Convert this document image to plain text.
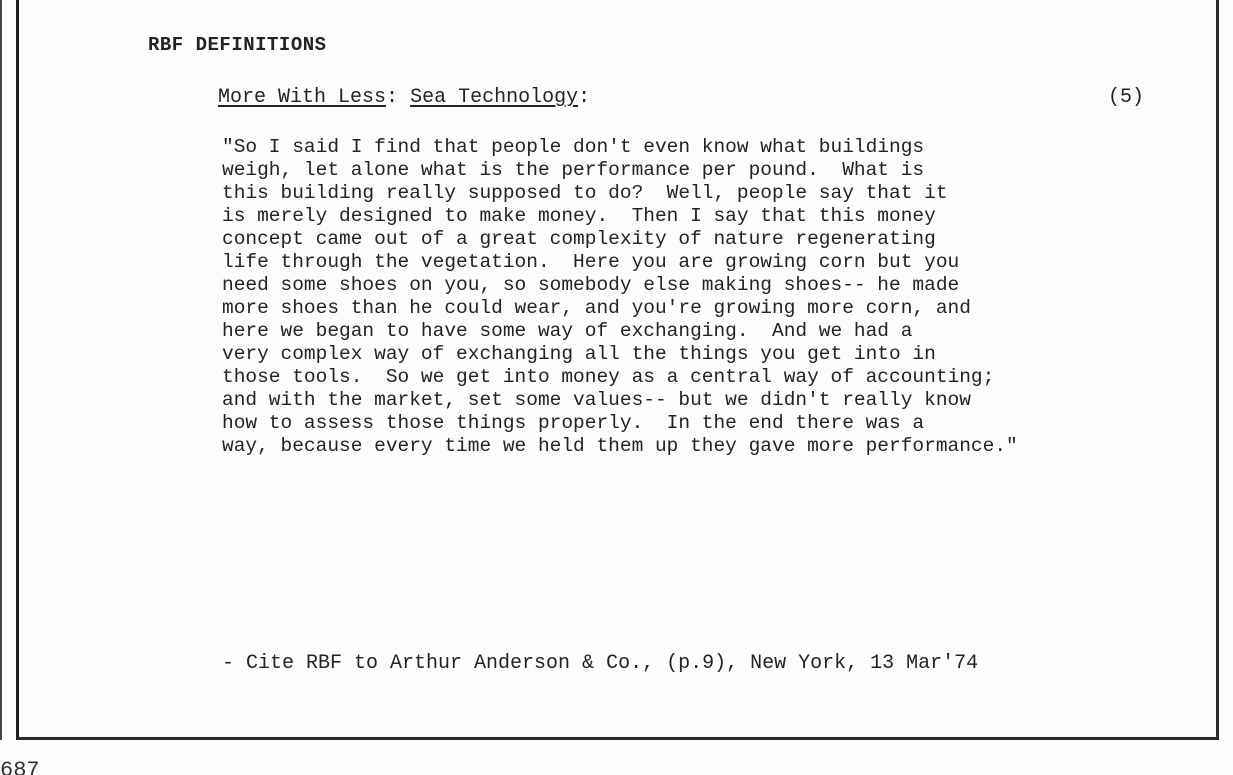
RBF DEFINITIONS
More With Less: Sea Technology:	(5)
"So I said I find that people don't even know what buildings
weigh, let alone what is the performance per pound.  What is
this building really supposed to do?  Well, people say that it
is merely designed to make money.  Then I say that this money
concept came out of a great complexity of nature regenerating
life through the vegetation.  Here you are growing corn but you
need some shoes on you, so somebody else making shoes-- he made
more shoes than he could wear, and you're growing more corn, and
here we began to have some way of exchanging.  And we had a
very complex way of exchanging all the things you get into in
those tools.  So we get into money as a central way of accounting;
and with the market, set some values-- but we didn't really know
how to assess those things properly.  In the end there was a
way, because every time we held them up they gave more performance."
- Cite RBF to Arthur Anderson & Co., (p.9), New York, 13 Mar'74
687
